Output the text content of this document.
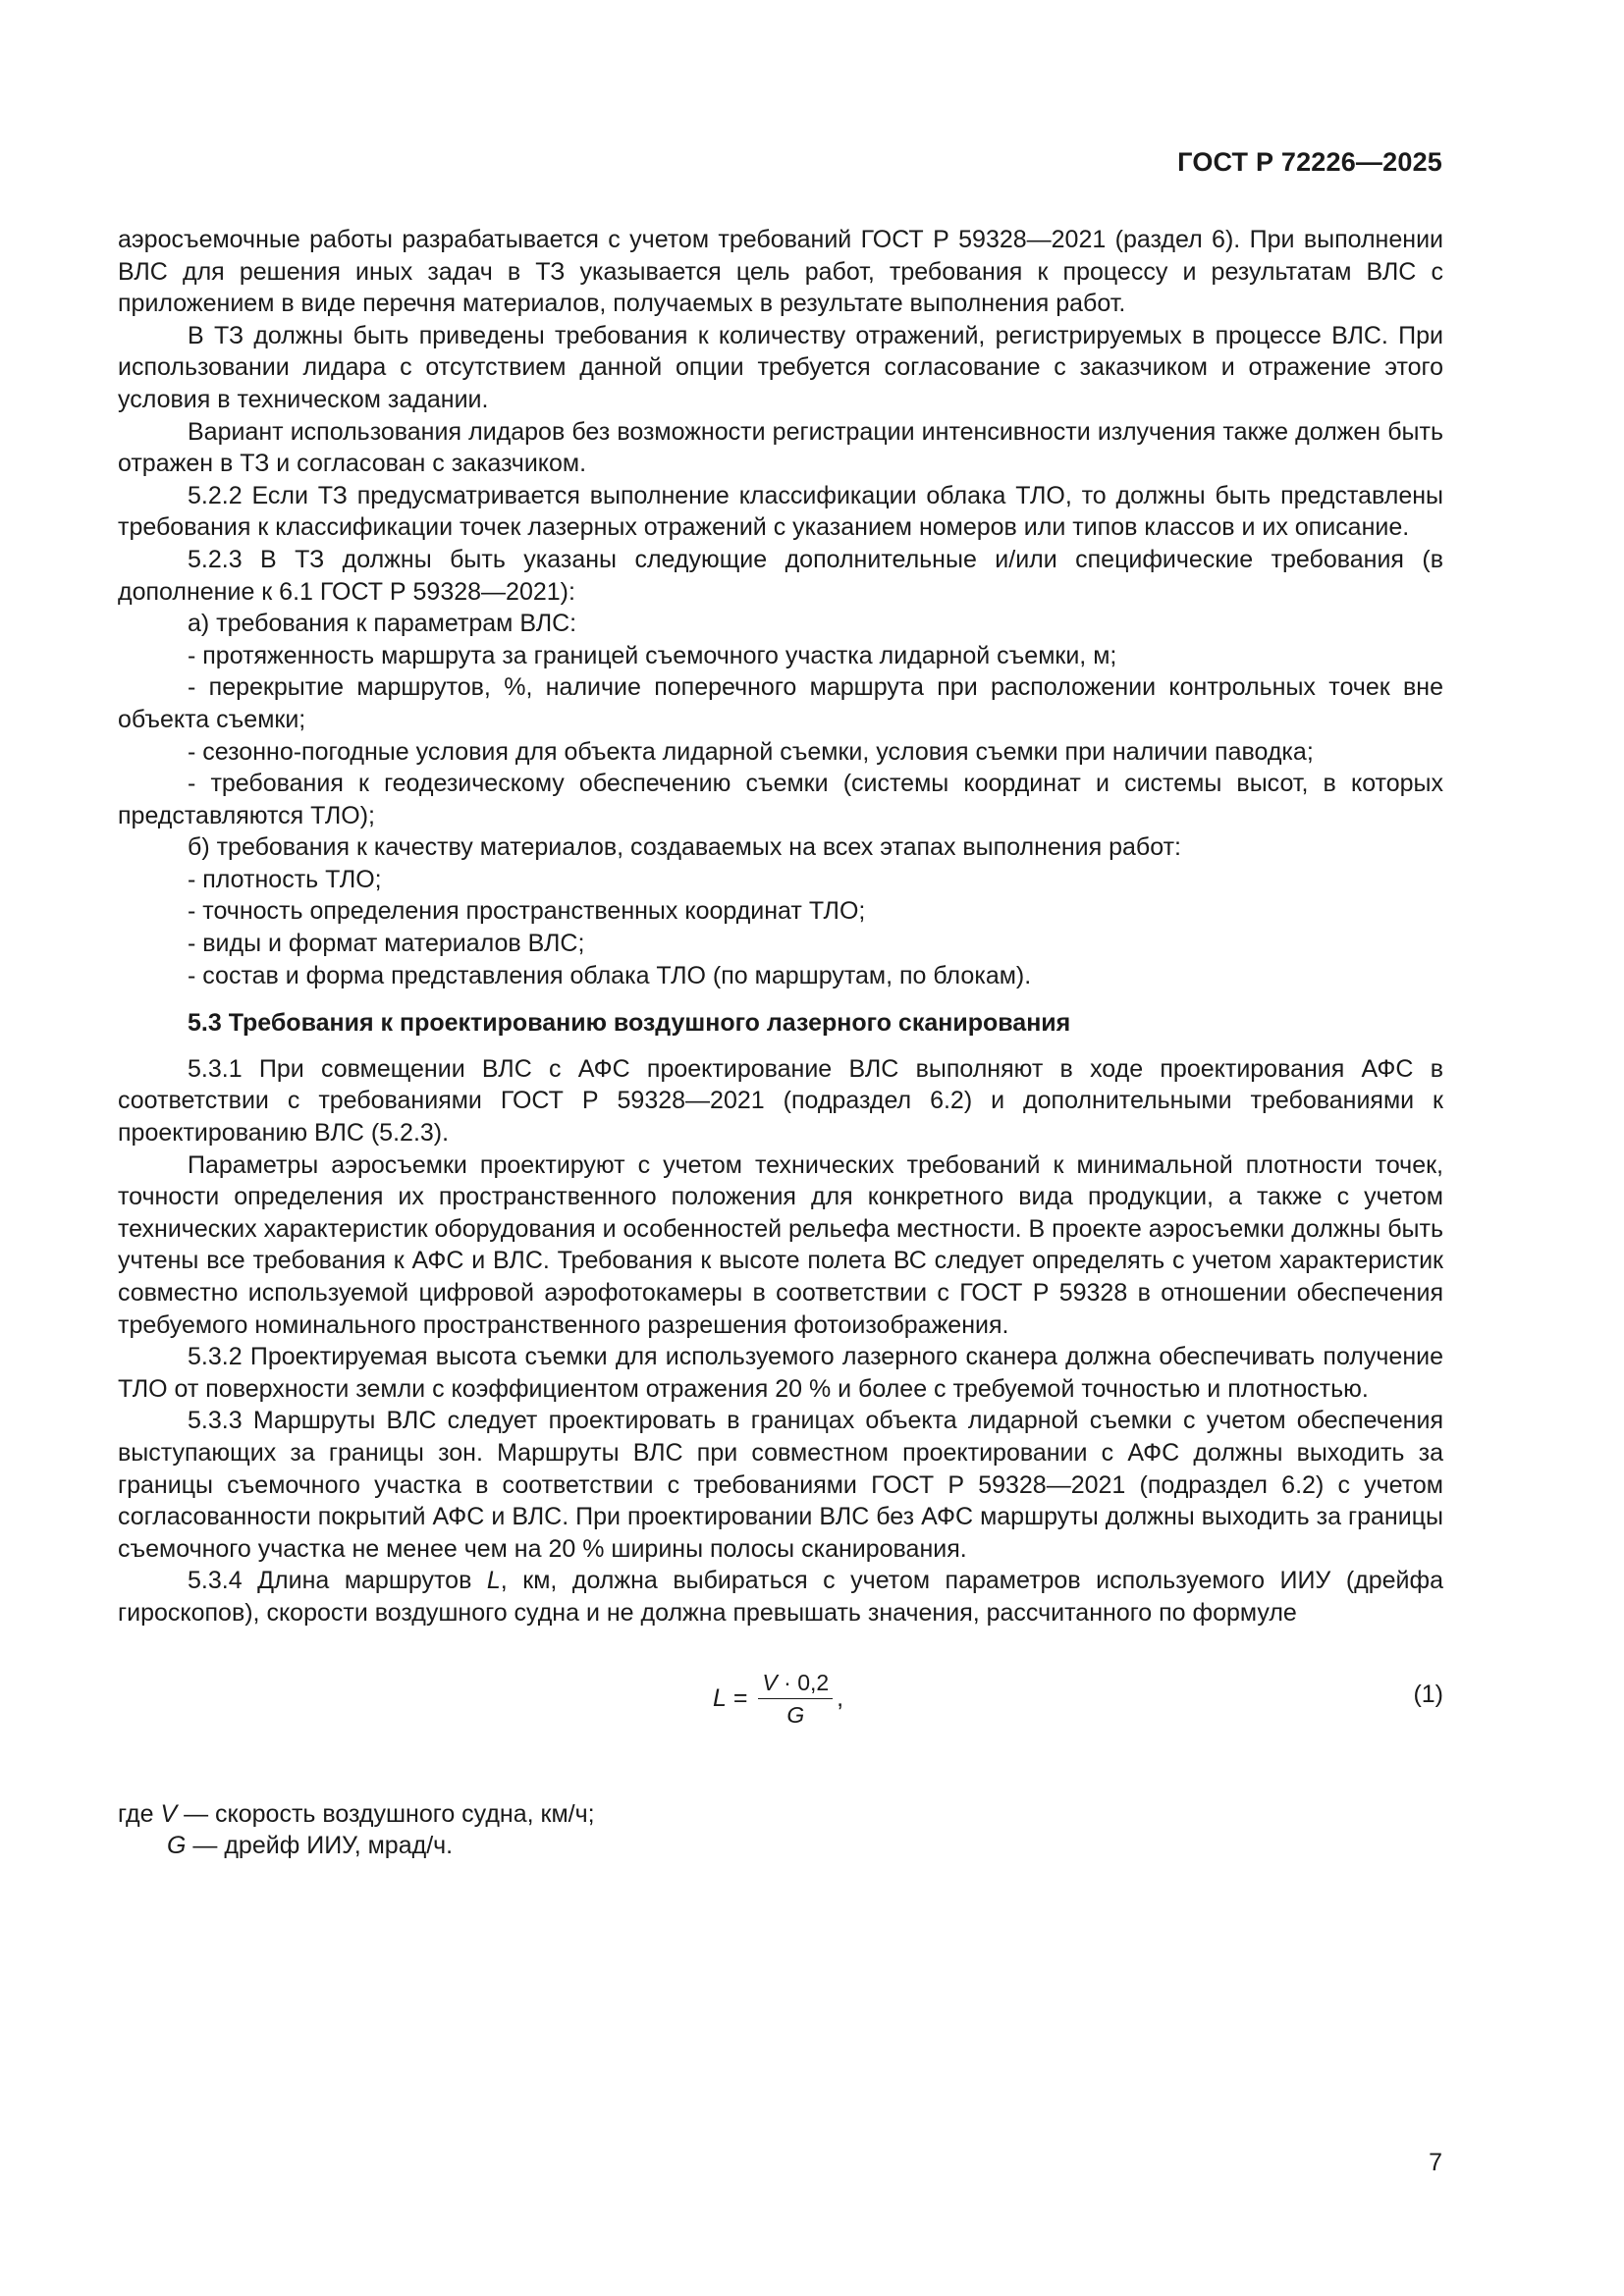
ГОСТ Р 72226—2025

аэросъемочные работы разрабатывается с учетом требований ГОСТ Р 59328—2021 (раздел 6). При выполнении ВЛС для решения иных задач в ТЗ указывается цель работ, требования к процессу и результатам ВЛС с приложением в виде перечня материалов, получаемых в результате выполнения работ.

В ТЗ должны быть приведены требования к количеству отражений, регистрируемых в процессе ВЛС. При использовании лидара с отсутствием данной опции требуется согласование с заказчиком и отражение этого условия в техническом задании.

Вариант использования лидаров без возможности регистрации интенсивности излучения также должен быть отражен в ТЗ и согласован с заказчиком.

5.2.2 Если ТЗ предусматривается выполнение классификации облака ТЛО, то должны быть представлены требования к классификации точек лазерных отражений с указанием номеров или типов классов и их описание.

5.2.3 В ТЗ должны быть указаны следующие дополнительные и/или специфические требования (в дополнение к 6.1 ГОСТ Р 59328—2021):

а) требования к параметрам ВЛС:

- протяженность маршрута за границей съемочного участка лидарной съемки, м;

- перекрытие маршрутов, %, наличие поперечного маршрута при расположении контрольных точек вне объекта съемки;

- сезонно-погодные условия для объекта лидарной съемки, условия съемки при наличии паводка;

- требования к геодезическому обеспечению съемки (системы координат и системы высот, в которых представляются ТЛО);

б) требования к качеству материалов, создаваемых на всех этапах выполнения работ:

- плотность ТЛО;

- точность определения пространственных координат ТЛО;

- виды и формат материалов ВЛС;

- состав и форма представления облака ТЛО (по маршрутам, по блокам).

5.3 Требования к проектированию воздушного лазерного сканирования

5.3.1 При совмещении ВЛС с АФС проектирование ВЛС выполняют в ходе проектирования АФС в соответствии с требованиями ГОСТ Р 59328—2021 (подраздел 6.2) и дополнительными требованиями к проектированию ВЛС (5.2.3).

Параметры аэросъемки проектируют с учетом технических требований к минимальной плотности точек, точности определения их пространственного положения для конкретного вида продукции, а также с учетом технических характеристик оборудования и особенностей рельефа местности. В проекте аэросъемки должны быть учтены все требования к АФС и ВЛС. Требования к высоте полета ВС следует определять с учетом характеристик совместно используемой цифровой аэрофотокамеры в соответствии с ГОСТ Р 59328 в отношении обеспечения требуемого номинального пространственного разрешения фотоизображения.

5.3.2 Проектируемая высота съемки для используемого лазерного сканера должна обеспечивать получение ТЛО от поверхности земли с коэффициентом отражения 20 % и более с требуемой точностью и плотностью.

5.3.3 Маршруты ВЛС следует проектировать в границах объекта лидарной съемки с учетом обеспечения выступающих за границы зон. Маршруты ВЛС при совместном проектировании с АФС должны выходить за границы съемочного участка в соответствии с требованиями ГОСТ Р 59328—2021 (подраздел 6.2) с учетом согласованности покрытий АФС и ВЛС. При проектировании ВЛС без АФС маршруты должны выходить за границы съемочного участка не менее чем на 20 % ширины полосы сканирования.

5.3.4 Длина маршрутов L, км, должна выбираться с учетом параметров используемого ИИУ (дрейфа гироскопов), скорости воздушного судна и не должна превышать значения, рассчитанного по формуле

$L = \frac{V \cdot 0,2}{G}$ ,	(1)

где V — скорость воздушного судна, км/ч;

G — дрейф ИИУ, мрад/ч.

7
